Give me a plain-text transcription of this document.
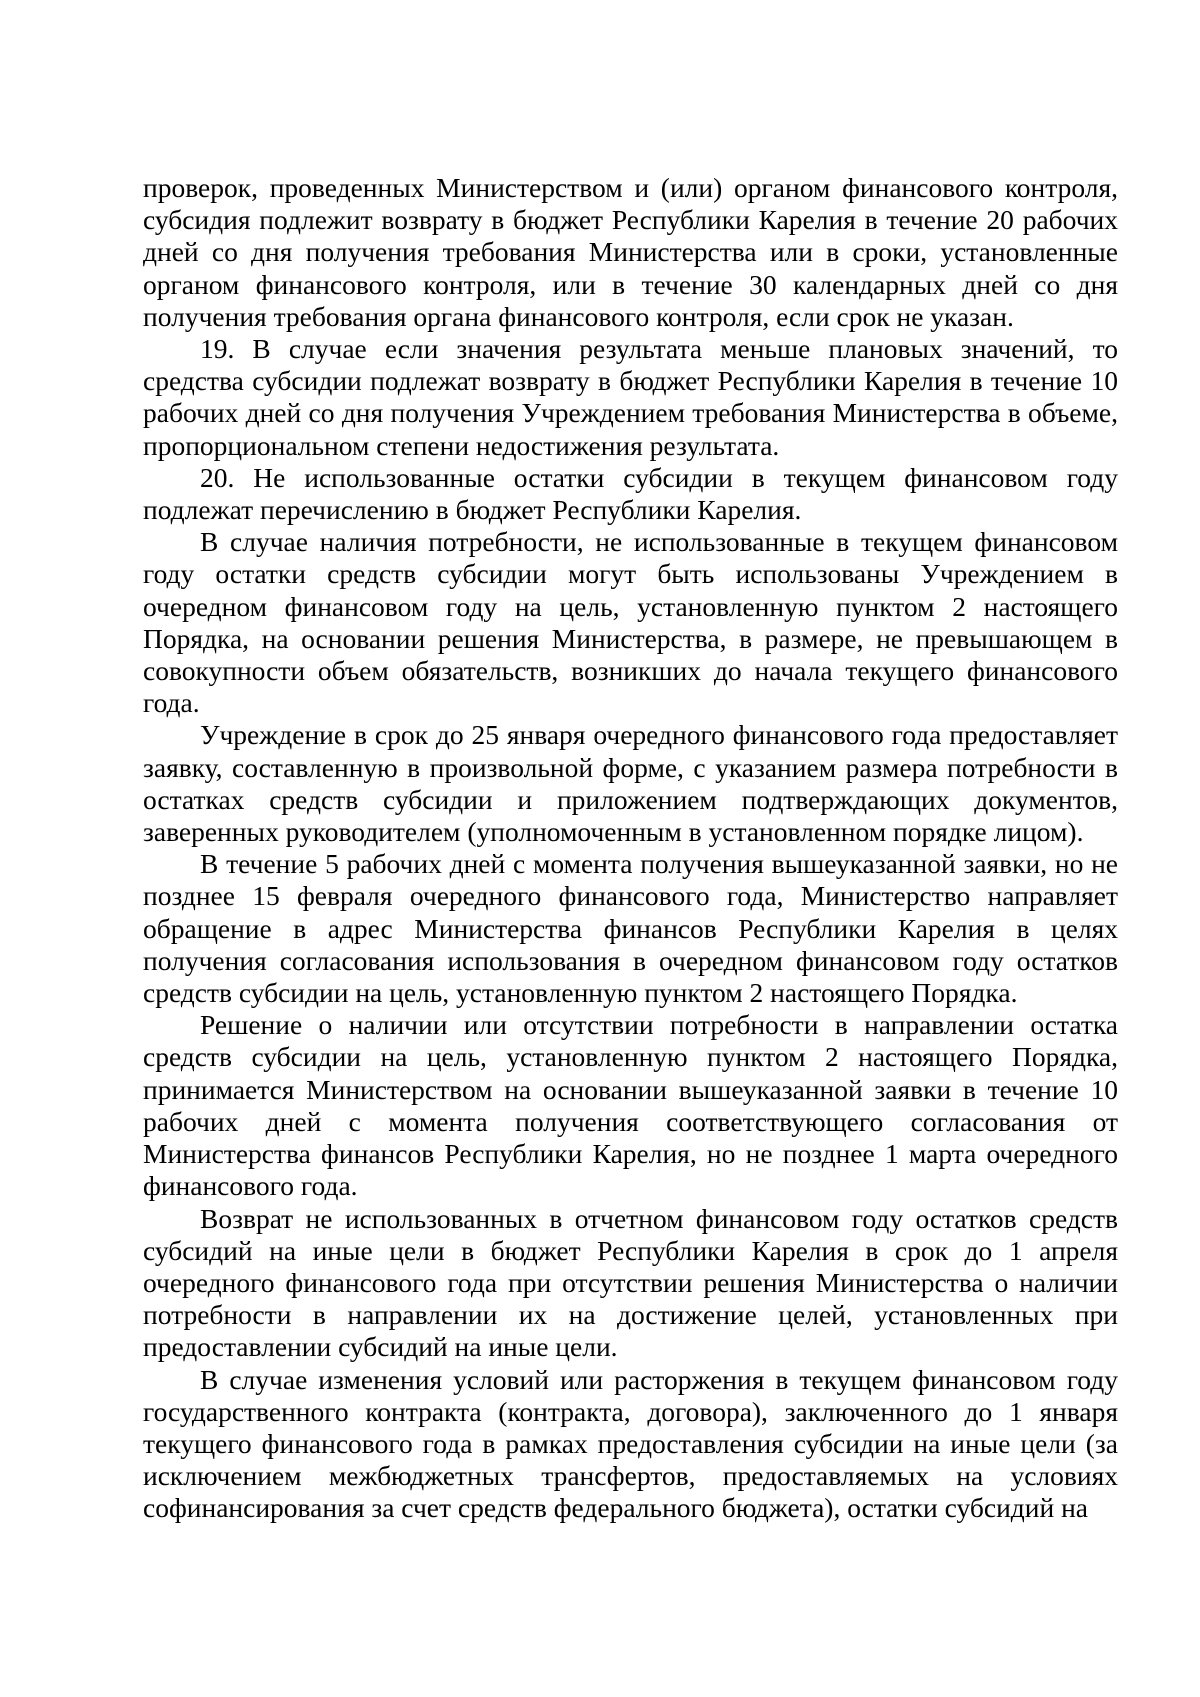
проверок, проведенных Министерством и (или) органом финансового контроля, субсидия подлежит возврату в бюджет Республики Карелия в течение 20 рабочих дней со дня получения требования Министерства или в сроки, установленные органом финансового контроля, или в течение 30 календарных дней со дня получения требования органа финансового контроля, если срок не указан.

19. В случае если значения результата меньше плановых значений, то средства субсидии подлежат возврату в бюджет Республики Карелия в течение 10 рабочих дней со дня получения Учреждением требования Министерства в объеме, пропорциональном степени недостижения результата.

20. Не использованные остатки субсидии в текущем финансовом году подлежат перечислению в бюджет Республики Карелия.

В случае наличия потребности, не использованные в текущем финансовом году остатки средств субсидии могут быть использованы Учреждением в очередном финансовом году на цель, установленную пунктом 2 настоящего Порядка, на основании решения Министерства, в размере, не превышающем в совокупности объем обязательств, возникших до начала текущего финансового года.

Учреждение в срок до 25 января очередного финансового года предоставляет заявку, составленную в произвольной форме, с указанием размера потребности в остатках средств субсидии и приложением подтверждающих документов, заверенных руководителем (уполномоченным в установленном порядке лицом).

В течение 5 рабочих дней с момента получения вышеуказанной заявки, но не позднее 15 февраля очередного финансового года, Министерство направляет обращение в адрес Министерства финансов Республики Карелия в целях получения согласования использования в очередном финансовом году остатков средств субсидии на цель, установленную пунктом 2 настоящего Порядка.

Решение о наличии или отсутствии потребности в направлении остатка средств субсидии на цель, установленную пунктом 2 настоящего Порядка, принимается Министерством на основании вышеуказанной заявки в течение 10 рабочих дней с момента получения соответствующего согласования от Министерства финансов Республики Карелия, но не позднее 1 марта очередного финансового года.

Возврат не использованных в отчетном финансовом году остатков средств субсидий на иные цели в бюджет Республики Карелия в срок до 1 апреля очередного финансового года при отсутствии решения Министерства о наличии потребности в направлении их на достижение целей, установленных при предоставлении субсидий на иные цели.

В случае изменения условий или расторжения в текущем финансовом году государственного контракта (контракта, договора), заключенного до 1 января текущего финансового года в рамках предоставления субсидии на иные цели (за исключением межбюджетных трансфертов, предоставляемых на условиях софинансирования за счет средств федерального бюджета), остатки субсидий на
